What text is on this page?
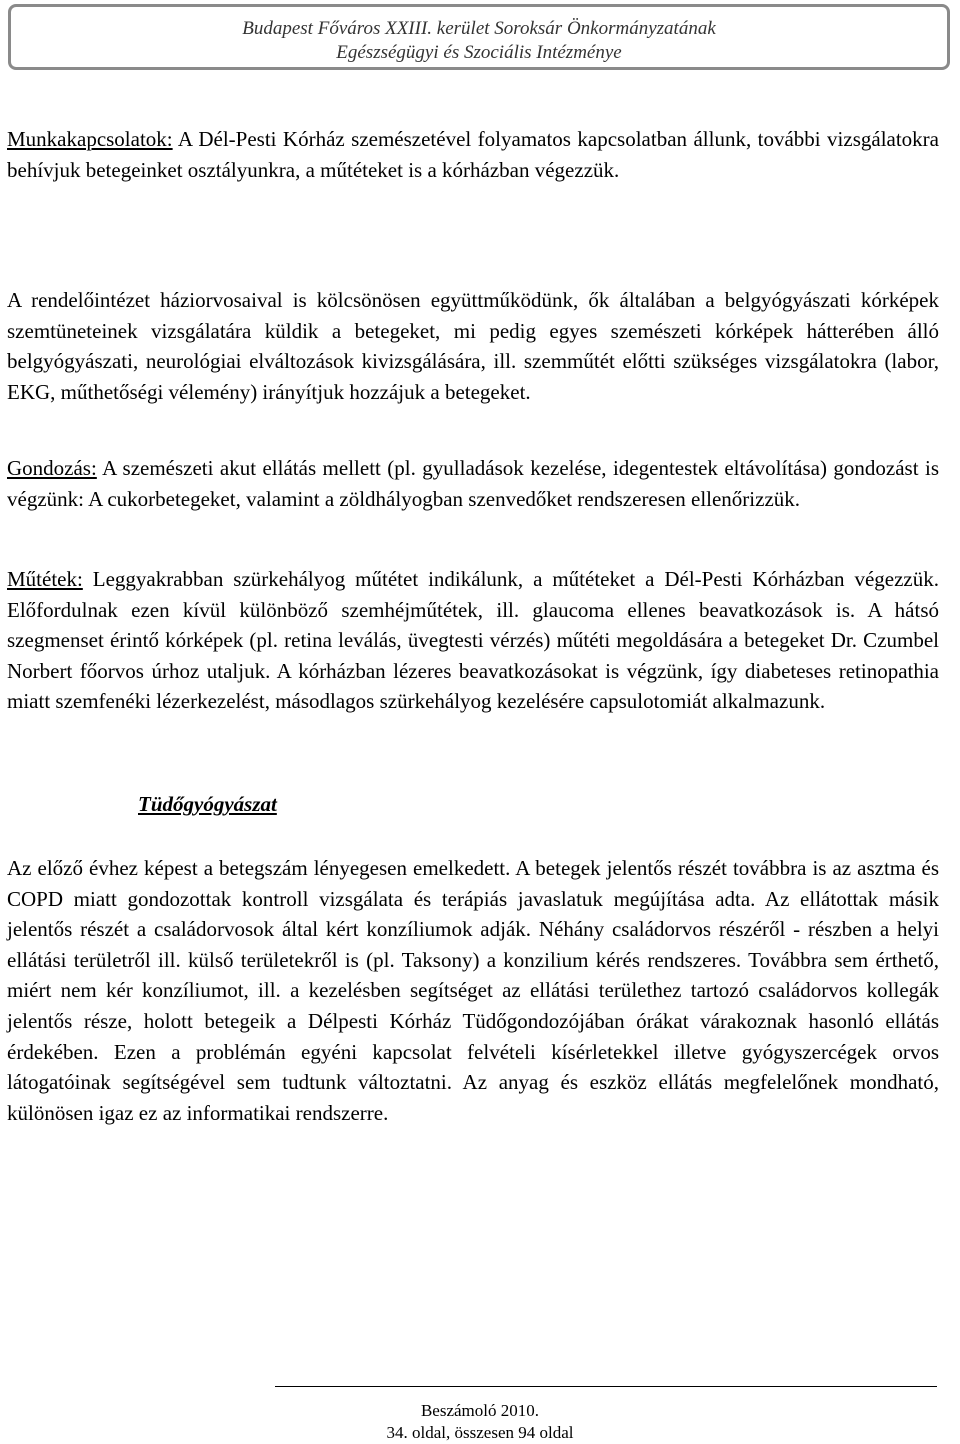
Budapest Főváros XXIII. kerület Soroksár Önkormányzatának
Egészségügyi és Szociális Intézménye

Munkakapcsolatok: A Dél-Pesti Kórház szemészetével folyamatos kapcsolatban állunk, további vizsgálatokra behívjuk betegeinket osztályunkra, a műtéteket is a kórházban végezzük.

A rendelőintézet háziorvosaival is kölcsönösen együttműködünk, ők általában a belgyógyászati kórképek szemtüneteinek vizsgálatára küldik a betegeket, mi pedig egyes szemészeti kórképek hátterében álló belgyógyászati, neurológiai elváltozások kivizsgálására, ill. szemműtét előtti szükséges vizsgálatokra (labor, EKG, műthetőségi vélemény) irányítjuk hozzájuk a betegeket.

Gondozás: A szemészeti akut ellátás mellett (pl. gyulladások kezelése, idegentestek eltávolítása) gondozást is végzünk: A cukorbetegeket, valamint a zöldhályogban szenvedőket rendszeresen ellenőrizzük.

Műtétek: Leggyakrabban szürkehályog műtétet indikálunk, a műtéteket a Dél-Pesti Kórházban végezzük. Előfordulnak ezen kívül különböző szemhéjműtétek, ill. glaucoma ellenes beavatkozások is. A hátsó szegmenset érintő kórképek (pl. retina leválás, üvegtesti vérzés) műtéti megoldására a betegeket Dr. Czumbel Norbert főorvos úrhoz utaljuk. A kórházban lézeres beavatkozásokat is végzünk, így diabeteses retinopathia miatt szemfenéki lézerkezelést, másodlagos szürkehályog kezelésére capsulotomiát alkalmazunk.

Tüdőgyógyászat

Az előző évhez képest a betegszám lényegesen emelkedett. A betegek jelentős részét továbbra is az asztma és COPD miatt gondozottak kontroll vizsgálata és terápiás javaslatuk megújítása adta. Az ellátottak másik jelentős részét a családorvosok által kért konzíliumok adják. Néhány családorvos részéről - részben a helyi ellátási területről ill. külső területekről is (pl. Taksony) a konzilium kérés rendszeres. Továbbra sem érthető, miért nem kér konzíliumot, ill. a kezelésben segítséget az ellátási területhez tartozó családorvos kollegák jelentős része, holott betegeik a Délpesti Kórház Tüdőgondozójában órákat várakoznak hasonló ellátás érdekében. Ezen a problémán egyéni kapcsolat felvételi kísérletekkel illetve gyógyszercégek orvos látogatóinak segítségével sem tudtunk változtatni. Az anyag és eszköz ellátás megfelelőnek mondható, különösen igaz ez az informatikai rendszerre.

Beszámoló 2010.
34. oldal, összesen 94 oldal
